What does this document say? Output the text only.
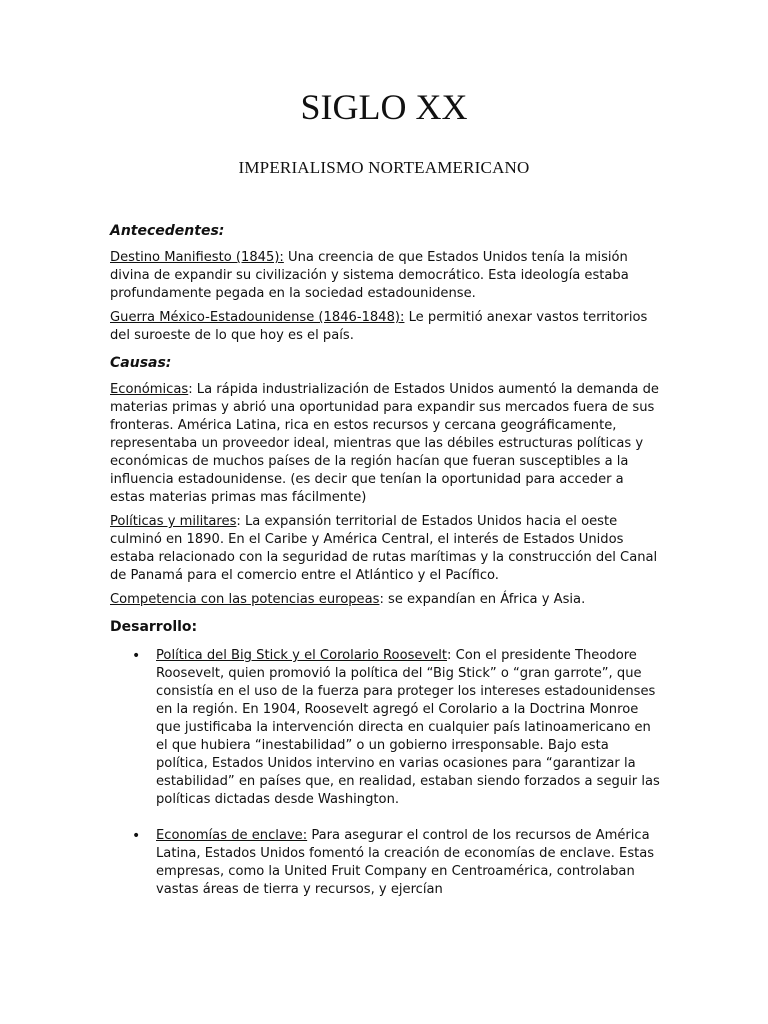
SIGLO XX
IMPERIALISMO NORTEAMERICANO

Antecedentes:

Destino Manifiesto (1845): Una creencia de que Estados Unidos tenía la misión divina de expandir su civilización y sistema democrático. Esta ideología estaba profundamente pegada en la sociedad estadounidense.

Guerra México-Estadounidense (1846-1848): Le permitió anexar vastos territorios del suroeste de lo que hoy es el país.

Causas:

Económicas: La rápida industrialización de Estados Unidos aumentó la demanda de materias primas y abrió una oportunidad para expandir sus mercados fuera de sus fronteras. América Latina, rica en estos recursos y cercana geográficamente, representaba un proveedor ideal, mientras que las débiles estructuras políticas y económicas de muchos países de la región hacían que fueran susceptibles a la influencia estadounidense. (es decir que tenían la oportunidad para acceder a estas materias primas mas fácilmente)

Políticas y militares: La expansión territorial de Estados Unidos hacia el oeste culminó en 1890. En el Caribe y América Central, el interés de Estados Unidos estaba relacionado con la seguridad de rutas marítimas y la construcción del Canal de Panamá para el comercio entre el Atlántico y el Pacífico.

Competencia con las potencias europeas: se expandían en África y Asia.

Desarrollo:

• Política del Big Stick y el Corolario Roosevelt: Con el presidente Theodore Roosevelt, quien promovió la política del “Big Stick” o “gran garrote”, que consistía en el uso de la fuerza para proteger los intereses estadounidenses en la región. En 1904, Roosevelt agregó el Corolario a la Doctrina Monroe que justificaba la intervención directa en cualquier país latinoamericano en el que hubiera “inestabilidad” o un gobierno irresponsable. Bajo esta política, Estados Unidos intervino en varias ocasiones para “garantizar la estabilidad” en países que, en realidad, estaban siendo forzados a seguir las políticas dictadas desde Washington.
• Economías de enclave: Para asegurar el control de los recursos de América Latina, Estados Unidos fomentó la creación de economías de enclave. Estas empresas, como la United Fruit Company en Centroamérica, controlaban vastas áreas de tierra y recursos, y ejercían
